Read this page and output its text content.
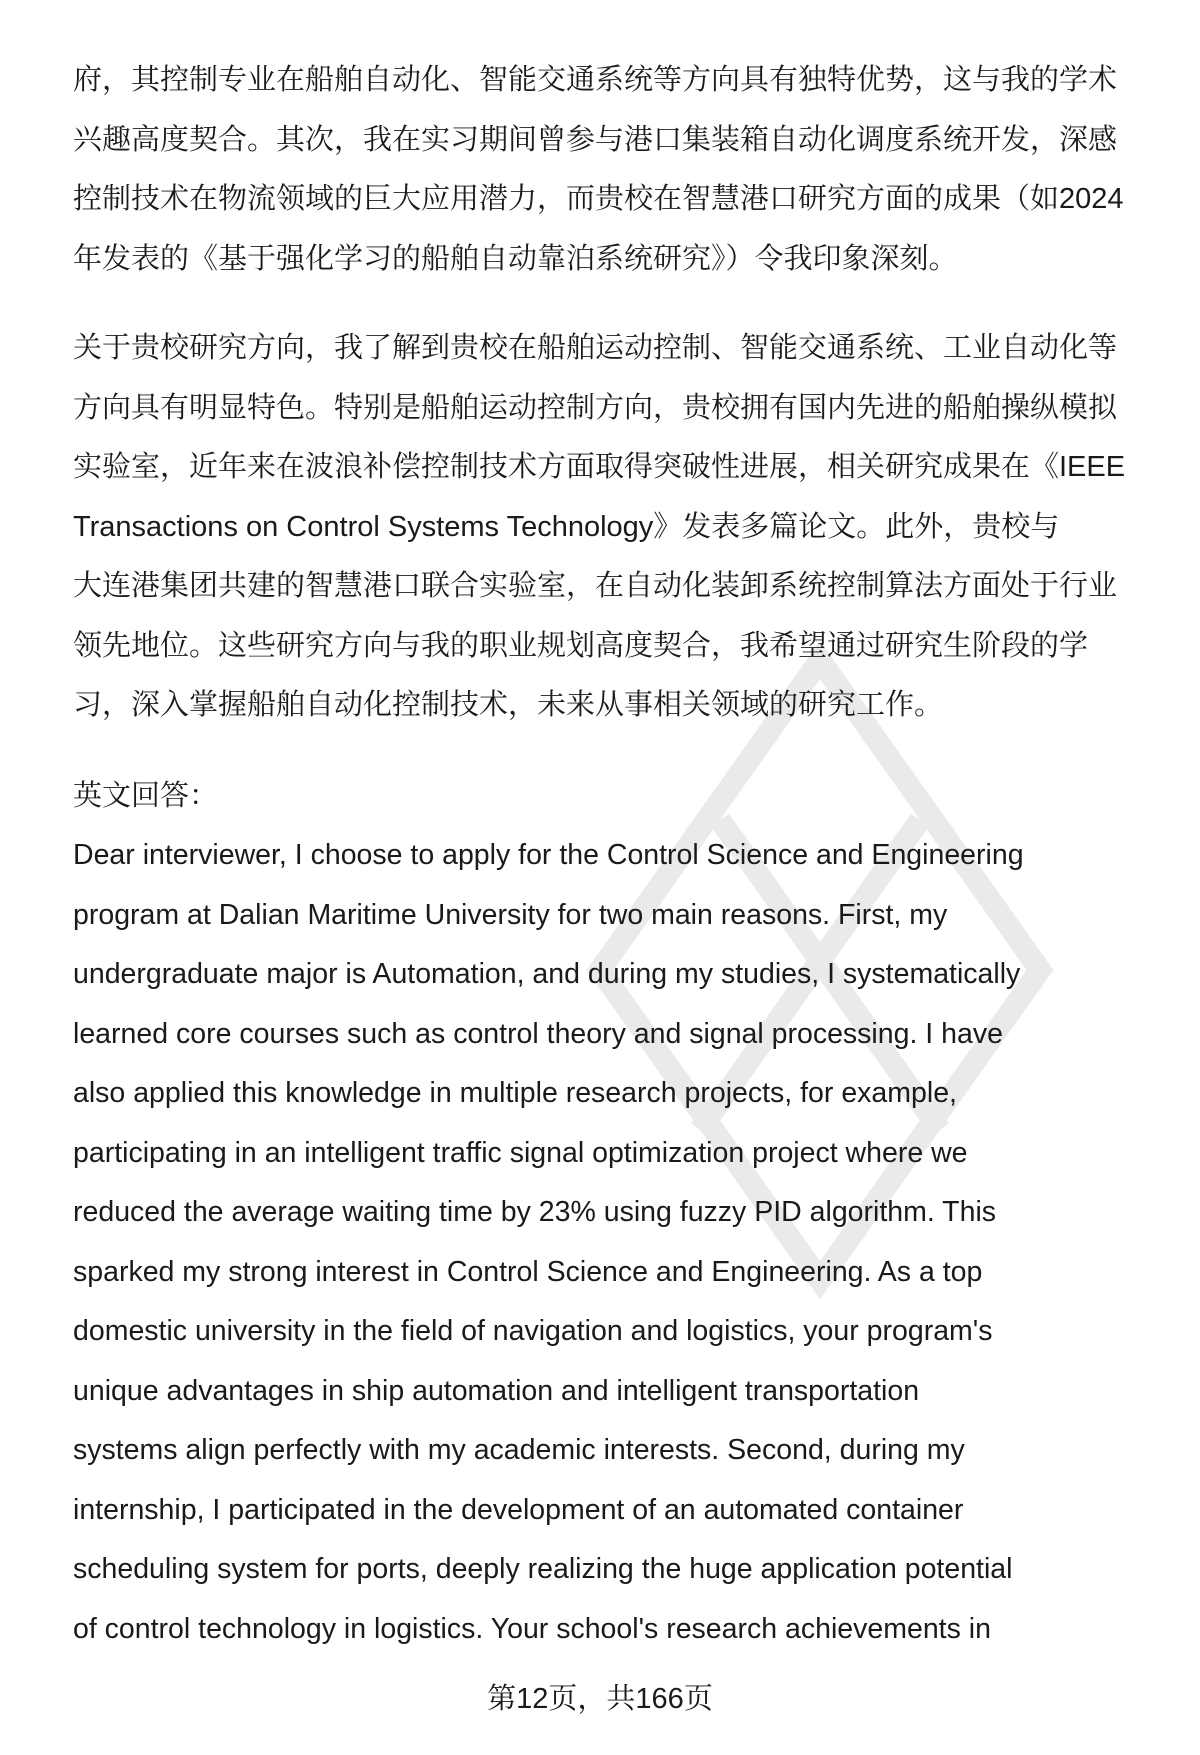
府，其控制专业在船舶自动化、智能交通系统等方向具有独特优势，这与我的学术
兴趣高度契合。其次，我在实习期间曾参与港口集装箱自动化调度系统开发，深感
控制技术在物流领域的巨大应用潜力，而贵校在智慧港口研究方面的成果（如2024
年发表的《基于强化学习的船舶自动靠泊系统研究》）令我印象深刻。
关于贵校研究方向，我了解到贵校在船舶运动控制、智能交通系统、工业自动化等
方向具有明显特色。特别是船舶运动控制方向，贵校拥有国内先进的船舶操纵模拟
实验室，近年来在波浪补偿控制技术方面取得突破性进展，相关研究成果在《IEEE
Transactions on Control Systems Technology》发表多篇论文。此外，贵校与
大连港集团共建的智慧港口联合实验室，在自动化装卸系统控制算法方面处于行业
领先地位。这些研究方向与我的职业规划高度契合，我希望通过研究生阶段的学
习，深入掌握船舶自动化控制技术，未来从事相关领域的研究工作。
英文回答：
Dear interviewer, I choose to apply for the Control Science and Engineering
program at Dalian Maritime University for two main reasons. First, my
undergraduate major is Automation, and during my studies, I systematically
learned core courses such as control theory and signal processing. I have
also applied this knowledge in multiple research projects, for example,
participating in an intelligent traffic signal optimization project where we
reduced the average waiting time by 23% using fuzzy PID algorithm. This
sparked my strong interest in Control Science and Engineering. As a top
domestic university in the field of navigation and logistics, your program's
unique advantages in ship automation and intelligent transportation
systems align perfectly with my academic interests. Second, during my
internship, I participated in the development of an automated container
scheduling system for ports, deeply realizing the huge application potential
of control technology in logistics. Your school's research achievements in
第12页，共166页
